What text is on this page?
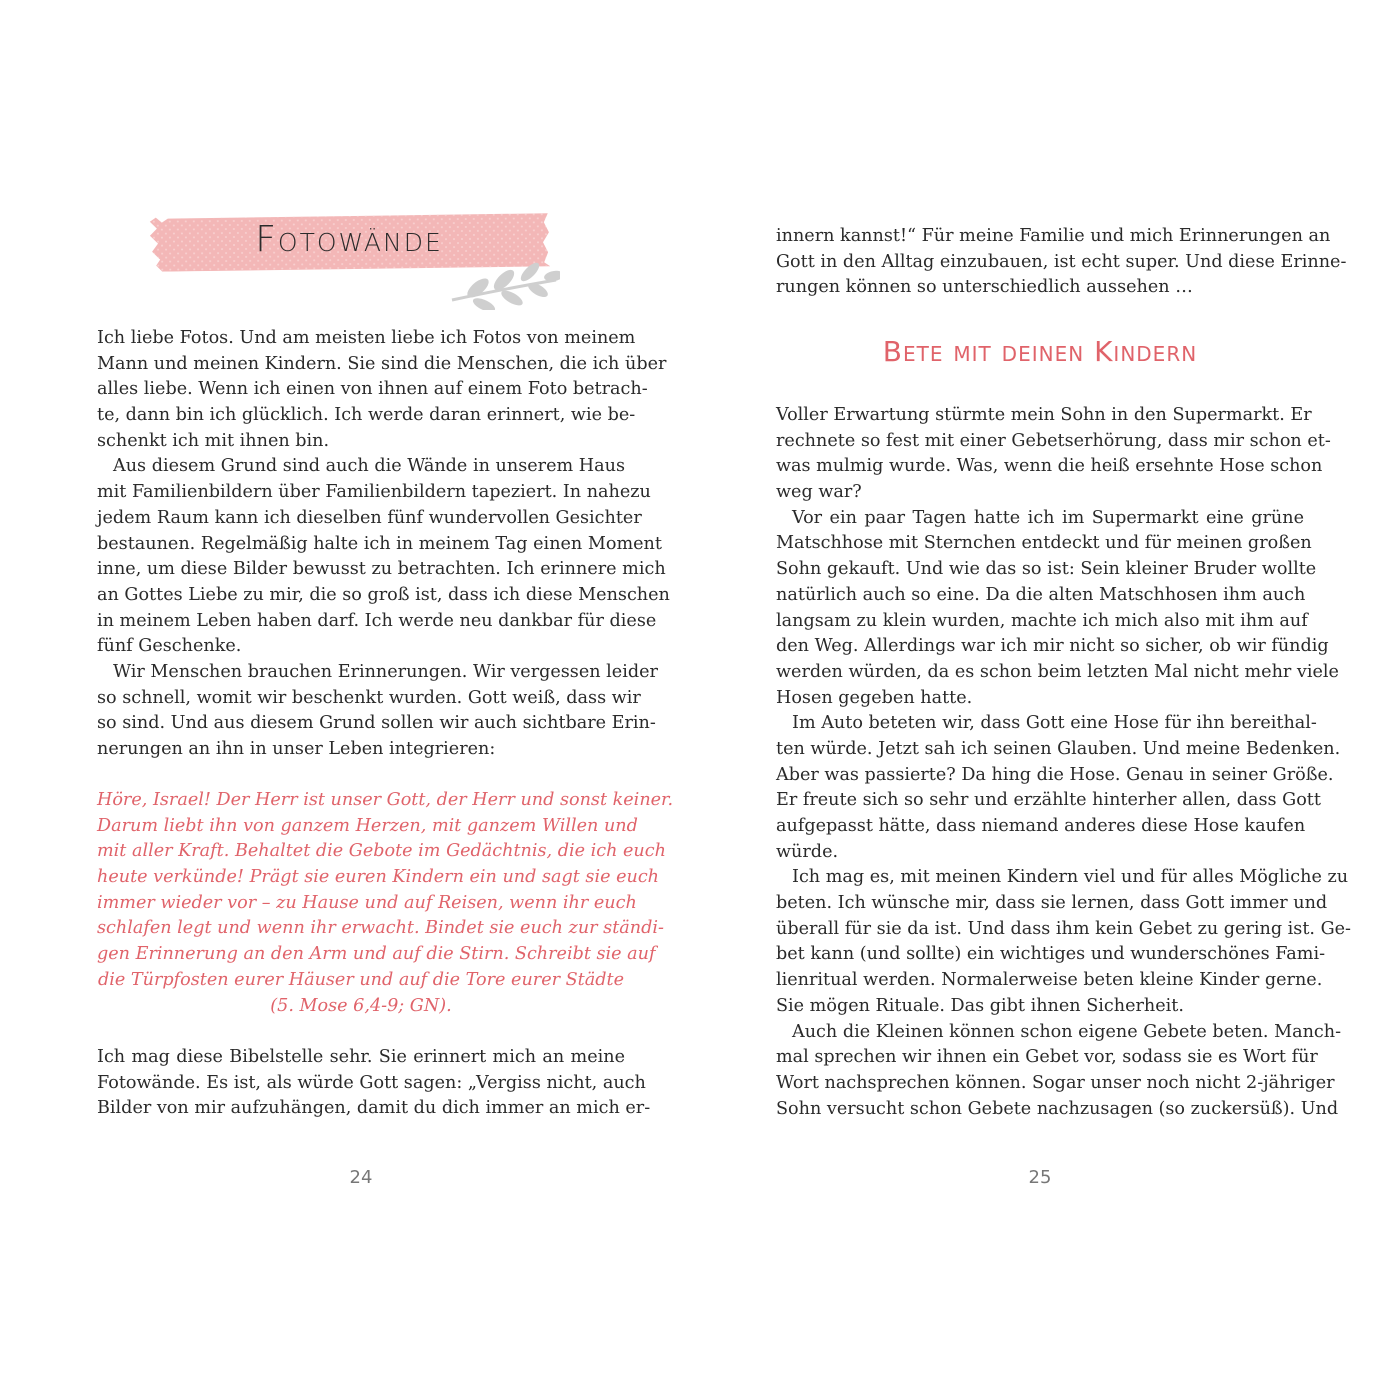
Fotowände
Ich liebe Fotos. Und am meisten liebe ich Fotos von meinem
Mann und meinen Kindern. Sie sind die Menschen, die ich über
alles liebe. Wenn ich einen von ihnen auf einem Foto betrach-
te, dann bin ich glücklich. Ich werde daran erinnert, wie be-
schenkt ich mit ihnen bin.
Aus diesem Grund sind auch die Wände in unserem Haus
mit Familienbildern über Familienbildern tapeziert. In nahezu
jedem Raum kann ich dieselben fünf wundervollen Gesichter
bestaunen. Regelmäßig halte ich in meinem Tag einen Moment
inne, um diese Bilder bewusst zu betrachten. Ich erinnere mich
an Gottes Liebe zu mir, die so groß ist, dass ich diese Menschen
in meinem Leben haben darf. Ich werde neu dankbar für diese
fünf Geschenke.
Wir Menschen brauchen Erinnerungen. Wir vergessen leider
so schnell, womit wir beschenkt wurden. Gott weiß, dass wir
so sind. Und aus diesem Grund sollen wir auch sichtbare Erin-
nerungen an ihn in unser Leben integrieren:
Höre, Israel! Der Herr ist unser Gott, der Herr und sonst keiner.
Darum liebt ihn von ganzem Herzen, mit ganzem Willen und
mit aller Kraft. Behaltet die Gebote im Gedächtnis, die ich euch
heute verkünde! Prägt sie euren Kindern ein und sagt sie euch
immer wieder vor – zu Hause und auf Reisen, wenn ihr euch
schlafen legt und wenn ihr erwacht. Bindet sie euch zur ständi-
gen Erinnerung an den Arm und auf die Stirn. Schreibt sie auf
die Türpfosten eurer Häuser und auf die Tore eurer Städte
(5. Mose 6,4-9; GN).
Ich mag diese Bibelstelle sehr. Sie erinnert mich an meine
Fotowände. Es ist, als würde Gott sagen: „Vergiss nicht, auch
Bilder von mir aufzuhängen, damit du dich immer an mich er-
24
innern kannst!“ Für meine Familie und mich Erinnerungen an
Gott in den Alltag einzubauen, ist echt super. Und diese Erinne-
rungen können so unterschiedlich aussehen …
Bete mit deinen Kindern
Voller Erwartung stürmte mein Sohn in den Supermarkt. Er
rechnete so fest mit einer Gebetserhörung, dass mir schon et-
was mulmig wurde. Was, wenn die heiß ersehnte Hose schon
weg war?
Vor ein paar Tagen hatte ich im Supermarkt eine grüne
Matschhose mit Sternchen entdeckt und für meinen großen
Sohn gekauft. Und wie das so ist: Sein kleiner Bruder wollte
natürlich auch so eine. Da die alten Matschhosen ihm auch
langsam zu klein wurden, machte ich mich also mit ihm auf
den Weg. Allerdings war ich mir nicht so sicher, ob wir fündig
werden würden, da es schon beim letzten Mal nicht mehr viele
Hosen gegeben hatte.
Im Auto beteten wir, dass Gott eine Hose für ihn bereithal-
ten würde. Jetzt sah ich seinen Glauben. Und meine Bedenken.
Aber was passierte? Da hing die Hose. Genau in seiner Größe.
Er freute sich so sehr und erzählte hinterher allen, dass Gott
aufgepasst hätte, dass niemand anderes diese Hose kaufen
würde.
Ich mag es, mit meinen Kindern viel und für alles Mögliche zu
beten. Ich wünsche mir, dass sie lernen, dass Gott immer und
überall für sie da ist. Und dass ihm kein Gebet zu gering ist. Ge-
bet kann (und sollte) ein wichtiges und wunderschönes Fami-
lienritual werden. Normalerweise beten kleine Kinder gerne.
Sie mögen Rituale. Das gibt ihnen Sicherheit.
Auch die Kleinen können schon eigene Gebete beten. Manch-
mal sprechen wir ihnen ein Gebet vor, sodass sie es Wort für
Wort nachsprechen können. Sogar unser noch nicht 2-jähriger
Sohn versucht schon Gebete nachzusagen (so zuckersüß). Und
25
